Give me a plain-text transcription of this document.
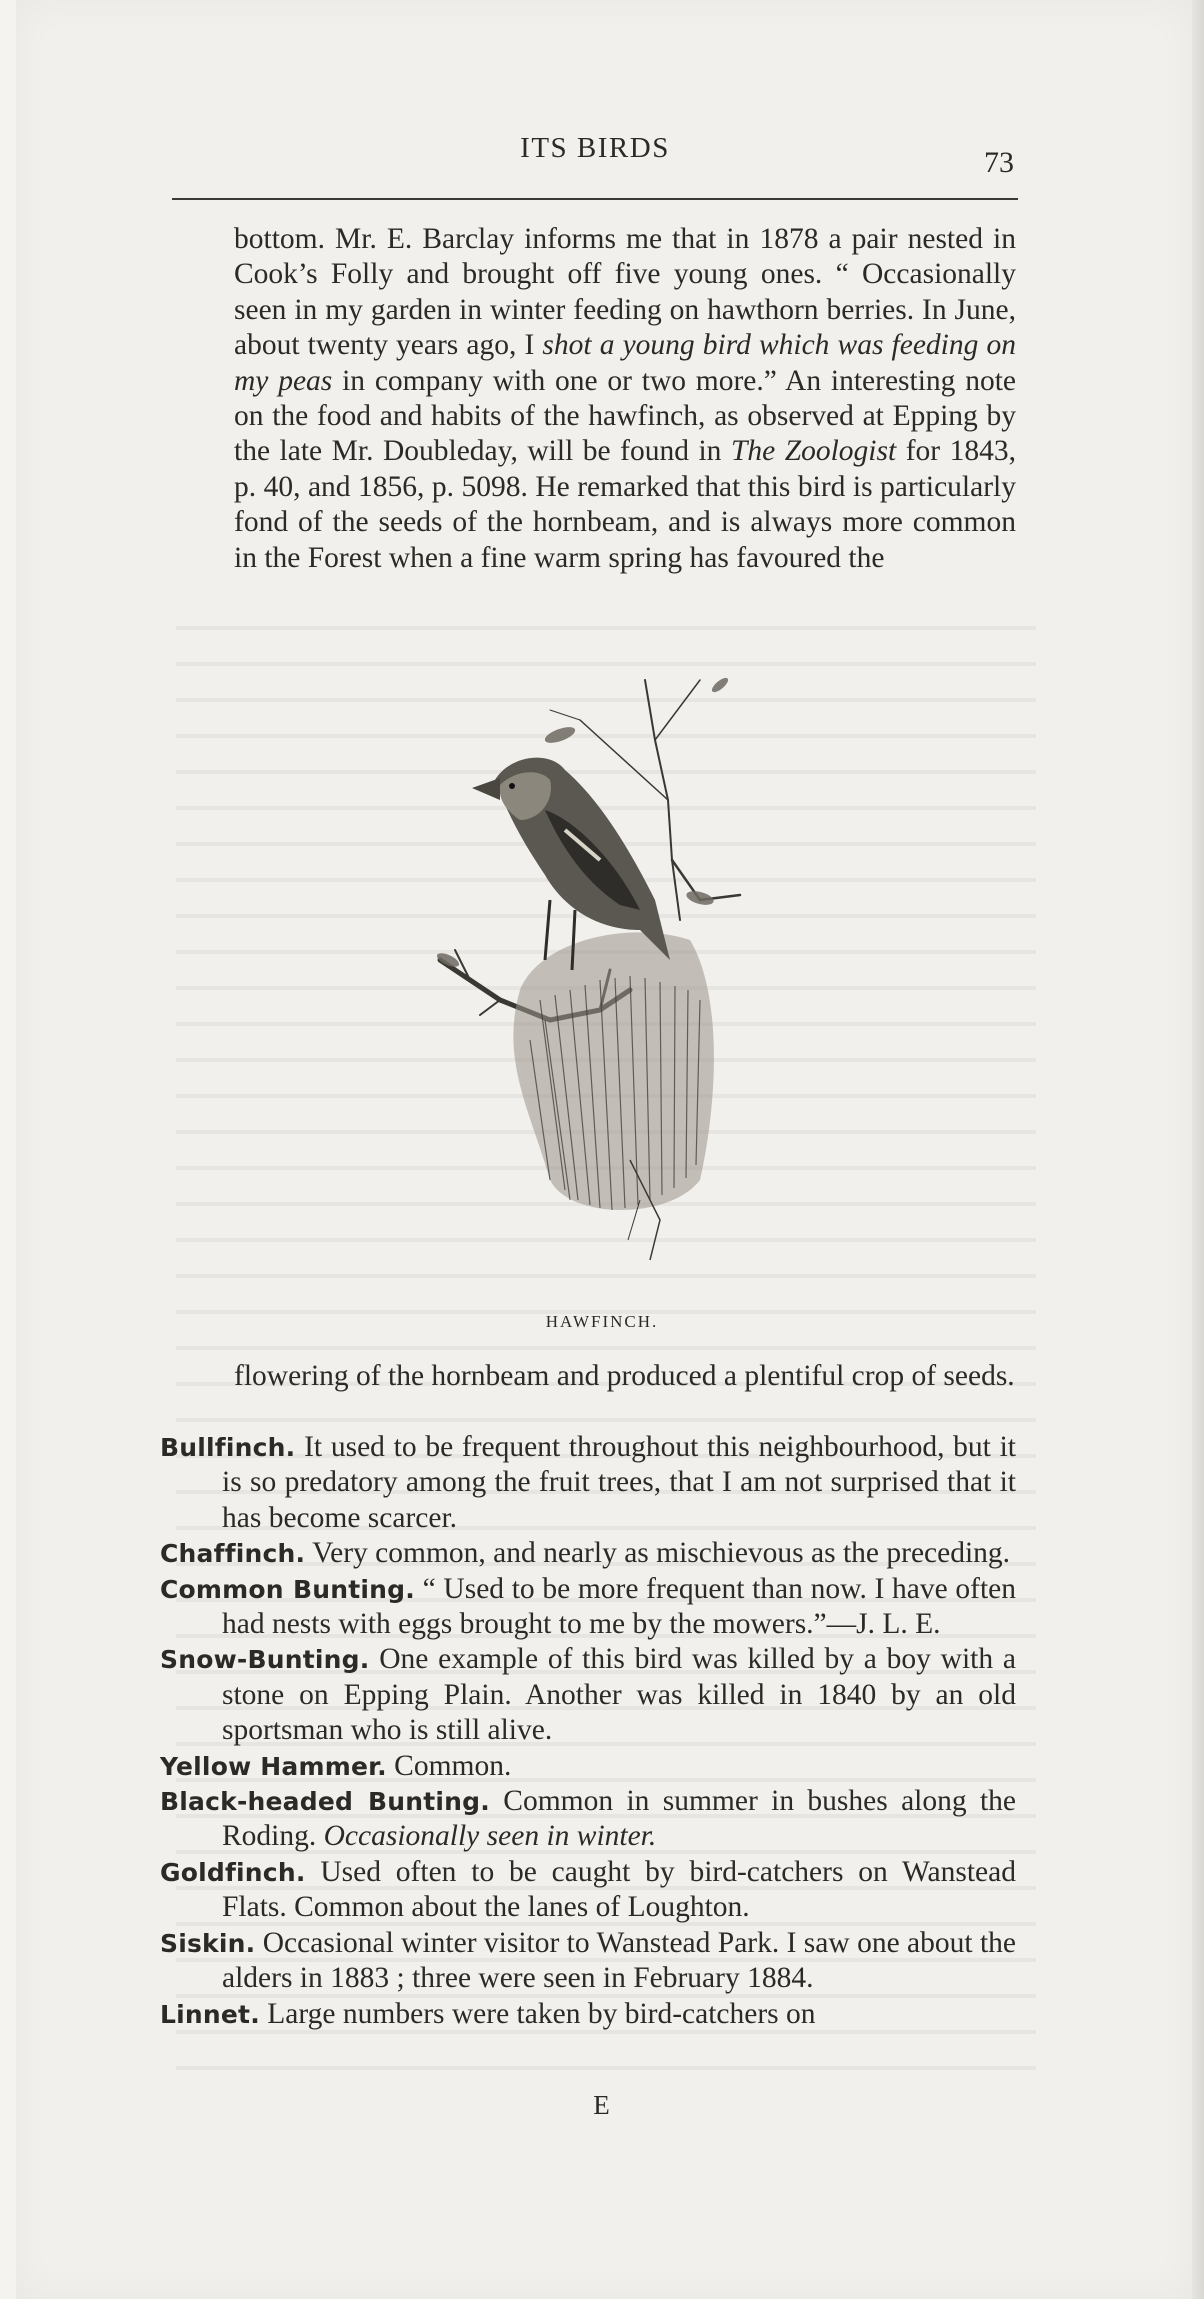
ITS BIRDS	73
bottom. Mr. E. Barclay informs me that in 1878 a pair nested in Cook’s Folly and brought off five young ones. “ Occasionally seen in my garden in winter feeding on hawthorn berries. In June, about twenty years ago, I shot a young bird which was feeding on my peas in company with one or two more.” An interesting note on the food and habits of the hawfinch, as observed at Epping by the late Mr. Doubleday, will be found in The Zoologist for 1843, p. 40, and 1856, p. 5098. He remarked that this bird is particularly fond of the seeds of the hornbeam, and is always more common in the Forest when a fine warm spring has favoured the
HAWFINCH.
flowering of the hornbeam and produced a plentiful crop of seeds.

Bullfinch. It used to be frequent throughout this neighbourhood, but it is so predatory among the fruit trees, that I am not surprised that it has become scarcer.

Chaffinch. Very common, and nearly as mischievous as the preceding.

Common Bunting. “ Used to be more frequent than now. I have often had nests with eggs brought to me by the mowers.”—J. L. E.

Snow-Bunting. One example of this bird was killed by a boy with a stone on Epping Plain. Another was killed in 1840 by an old sportsman who is still alive.

Yellow Hammer. Common.

Black-headed Bunting. Common in summer in bushes along the Roding. Occasionally seen in winter.

Goldfinch. Used often to be caught by bird-catchers on Wanstead Flats. Common about the lanes of Loughton.

Siskin. Occasional winter visitor to Wanstead Park. I saw one about the alders in 1883 ; three were seen in February 1884.

Linnet. Large numbers were taken by bird-catchers on

E
